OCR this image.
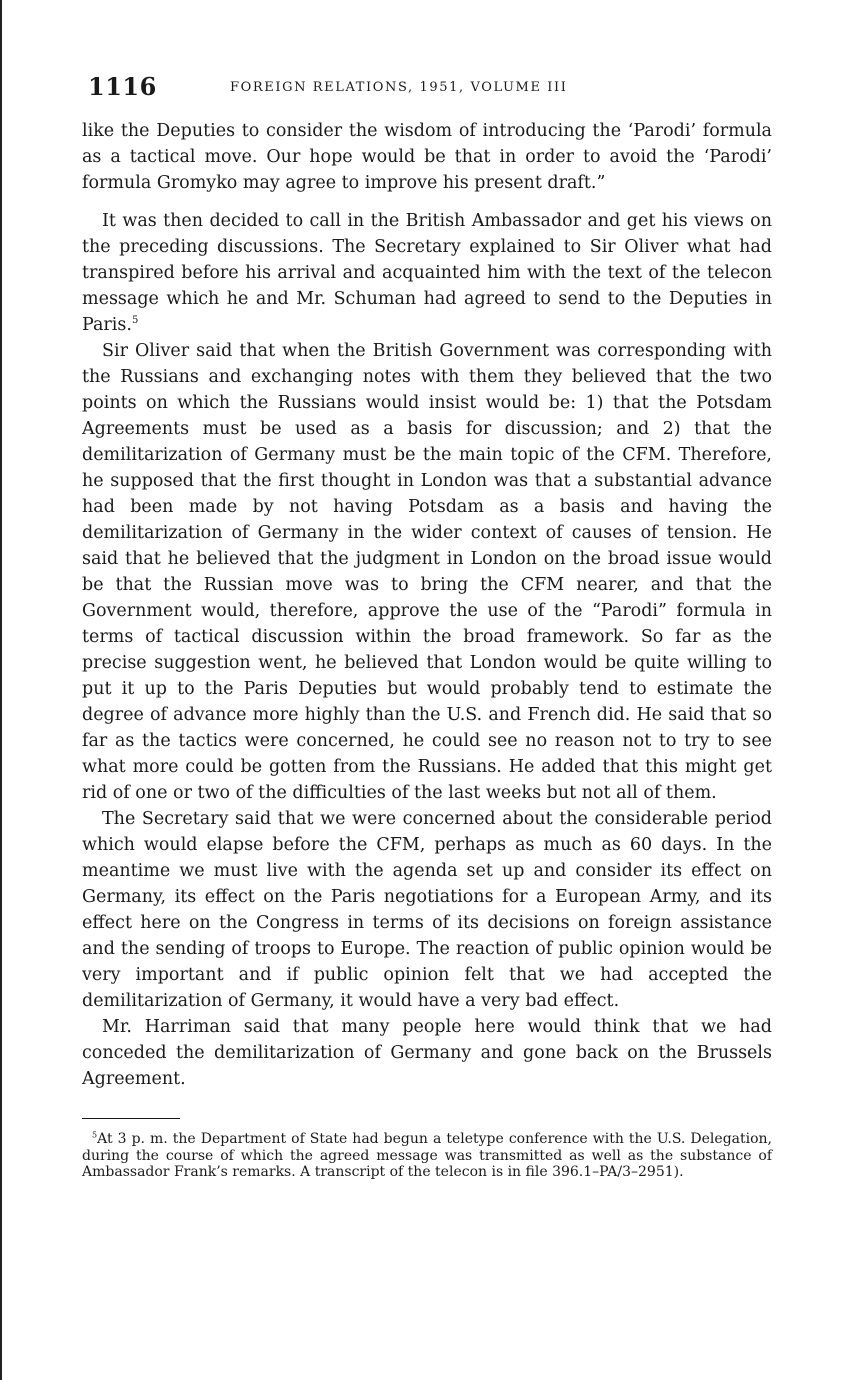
1116	FOREIGN RELATIONS, 1951, VOLUME III

like the Deputies to consider the wisdom of introducing the ‘Parodi’ formula as a tactical move. Our hope would be that in order to avoid the ‘Parodi’ formula Gromyko may agree to improve his present draft.”

It was then decided to call in the British Ambassador and get his views on the preceding discussions. The Secretary explained to Sir Oliver what had transpired before his arrival and acquainted him with the text of the telecon message which he and Mr. Schuman had agreed to send to the Deputies in Paris.$^5$

Sir Oliver said that when the British Government was corresponding with the Russians and exchanging notes with them they believed that the two points on which the Russians would insist would be: 1) that the Potsdam Agreements must be used as a basis for discussion; and 2) that the demilitarization of Germany must be the main topic of the CFM. Therefore, he supposed that the first thought in London was that a substantial advance had been made by not having Potsdam as a basis and having the demilitarization of Germany in the wider context of causes of tension. He said that he believed that the judgment in London on the broad issue would be that the Russian move was to bring the CFM nearer, and that the Government would, therefore, approve the use of the “Parodi” formula in terms of tactical discussion within the broad framework. So far as the precise suggestion went, he believed that London would be quite willing to put it up to the Paris Deputies but would probably tend to estimate the degree of advance more highly than the U.S. and French did. He said that so far as the tactics were concerned, he could see no reason not to try to see what more could be gotten from the Russians. He added that this might get rid of one or two of the difficulties of the last weeks but not all of them.

The Secretary said that we were concerned about the considerable period which would elapse before the CFM, perhaps as much as 60 days. In the meantime we must live with the agenda set up and consider its effect on Germany, its effect on the Paris negotiations for a European Army, and its effect here on the Congress in terms of its decisions on foreign assistance and the sending of troops to Europe. The reaction of public opinion would be very important and if public opinion felt that we had accepted the demilitarization of Germany, it would have a very bad effect.

Mr. Harriman said that many people here would think that we had conceded the demilitarization of Germany and gone back on the Brussels Agreement.

$^5$At 3 p. m. the Department of State had begun a teletype conference with the U.S. Delegation, during the course of which the agreed message was transmitted as well as the substance of Ambassador Frank’s remarks. A transcript of the telecon is in file 396.1–PA/3–2951).
